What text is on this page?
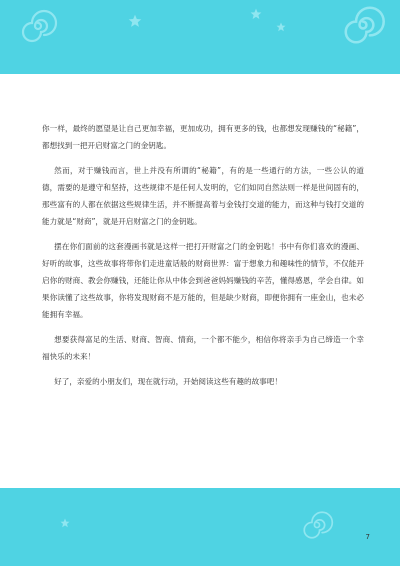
你一样，最终的愿望是让自己更加幸福，更加成功，拥有更多的钱，也都想发现赚钱的“秘籍”，都想找到一把开启财富之门的金钥匙。

然而，对于赚钱而言，世上并没有所谓的“秘籍”，有的是一些通行的方法，一些公认的道德，需要的是遵守和坚持，这些规律不是任何人发明的，它们如同自然法则一样是世间固有的，那些富有的人都在依据这些规律生活，并不断提高着与金钱打交道的能力，而这种与钱打交道的能力就是“财商”，就是开启财富之门的金钥匙。

摆在你们面前的这套漫画书就是这样一把打开财富之门的金钥匙！书中有你们喜欢的漫画、好听的故事，这些故事将带你们走进童话般的财商世界：富于想象力和趣味性的情节，不仅能开启你的财商、教会你赚钱，还能让你从中体会到爸爸妈妈赚钱的辛苦，懂得感恩，学会自律。如果你读懂了这些故事，你将发现财商不是万能的，但是缺少财商，即便你拥有一座金山，也未必能拥有幸福。

想要获得富足的生活、财商、智商、情商，一个都不能少，相信你将亲手为自己缔造一个幸福快乐的未来！

好了，亲爱的小朋友们，现在就行动，开始阅读这些有趣的故事吧！

7
